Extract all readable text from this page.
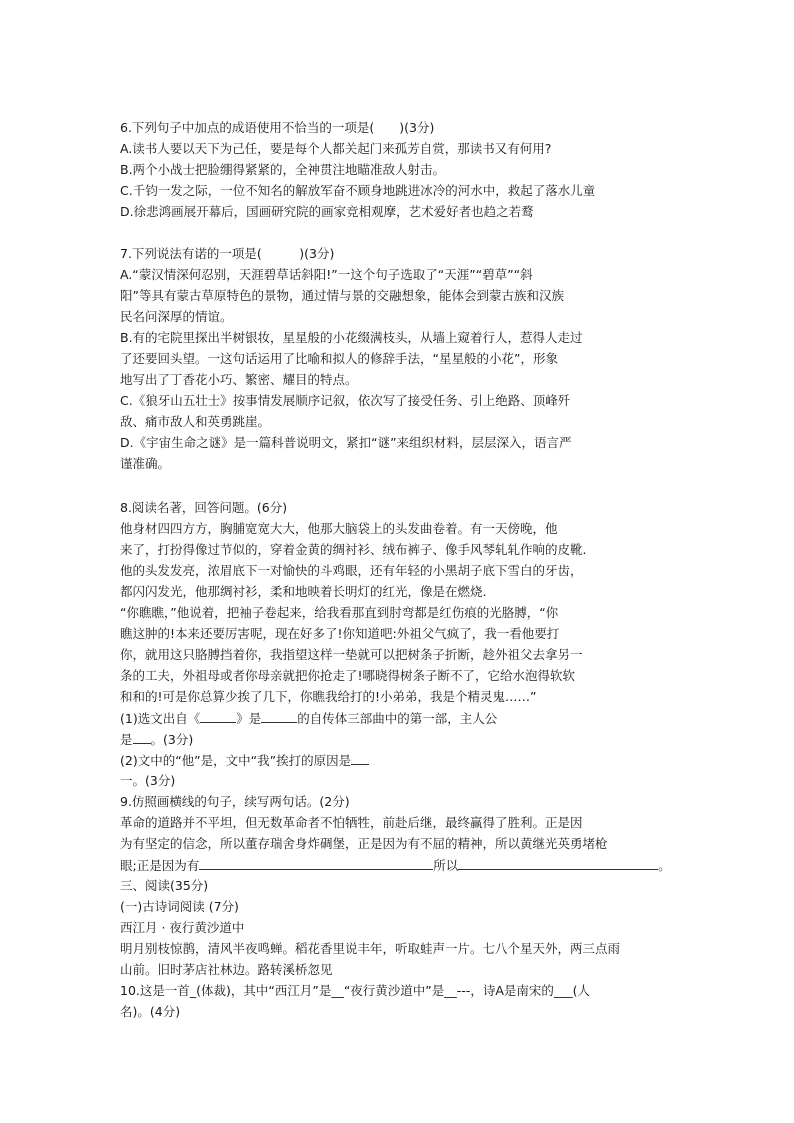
6.下列句子中加点的成语使用不恰当的一项是(　　)(3分)

A.读书人要以天下为己任，要是每个人都关起门来孤芳自赏，那读书又有何用?

B.两个小战士把脸绷得紧紧的，全神贯注地瞄准敌人射击。

C.千钧一发之际，一位不知名的解放军奋不顾身地跳进冰冷的河水中，救起了落水儿童

D.徐悲鸿画展开幕后，国画研究院的画家竞相观摩，艺术爱好者也趋之若鹜

7.下列说法有诺的一项是(　　　)(3分)

A.“蒙汉情深何忍别，天涯碧草话斜阳!”一这个句子选取了“天涯”“碧草”“斜

阳”等具有蒙古草原特色的景物，通过情与景的交融想象，能体会到蒙古族和汉族

民名问深厚的情谊。

B.有的宅院里探出半树银妆，星星般的小花缀满枝头，从墙上窥着行人，惹得人走过

了还要回头望。一这句话运用了比喻和拟人的修辞手法，“星星般的小花”，形象

地写出了丁香花小巧、繁密、耀目的特点。

C.《狼牙山五壮士》按事情发展顺序记叙，依次写了接受任务、引上绝路、顶峰歼

敌、痛市敌人和英勇跳崖。

D.《宇宙生命之谜》是一篇科普说明文，紧扣“谜”来组织材料，层层深入，语言严

谨准确。

8.阅读名著，回答问题。(6分)

他身材四四方方，胸脯宽宽大大，他那大脑袋上的头发曲卷着。有一天傍晚，他

来了，打扮得像过节似的，穿着金黄的绸衬衫、绒布裤子、像手风琴轧轧作响的皮靴.

他的头发发亮，浓眉底下一对愉快的斗鸡眼，还有年轻的小黑胡子底下雪白的牙齿，

都闪闪发光，他那绸衬衫，柔和地映着长明灯的红光，像是在燃烧.

“你瞧瞧，”他说着，把袖子卷起来，给我看那直到肘弯都是红伤痕的光胳膊，“你

瞧这肿的!本来还要厉害呢，现在好多了!你知道吧:外祖父气疯了，我一看他要打

你，就用这只胳膊挡着你，我指望这样一垫就可以把树条子折断，趁外祖父去拿另一

条的工夫，外祖母或者你母亲就把你抢走了!哪晓得树条子断不了，它给水泡得软软

和和的!可是你总算少挨了几下，你瞧我给打的!小弟弟，我是个精灵鬼……”

(1)选文出自《	》是	的自传体三部曲中的第一部，主人公

是 。(3分)

(2)文中的“他”是，文中“我”挨打的原因是

一。(3分)

9.仿照画横线的句子，续写两句话。(2分)

革命的道路并不平坦，但无数革命者不怕牺牲，前赴后继，最终赢得了胜利。正是因

为有坚定的信念，所以董存瑞舍身炸碉堡，正是因为有不屈的精神，所以黄继光英勇堵枪

眼;正是因为有	所以	。

三、阅读(35分)

(一)古诗词阅读 (7分)

西江月 · 夜行黄沙道中

明月别枝惊鹊，清风半夜鸣蝉。稻花香里说丰年，听取蛙声一片。七八个星天外，两三点雨

山前。旧时茅店社林边。路转溪桥忽见

10.这是一首_(体裁)，其中“西江月”是__“夜行黄沙道中”是__---，诗A是南宋的___(人

名)。(4分)
